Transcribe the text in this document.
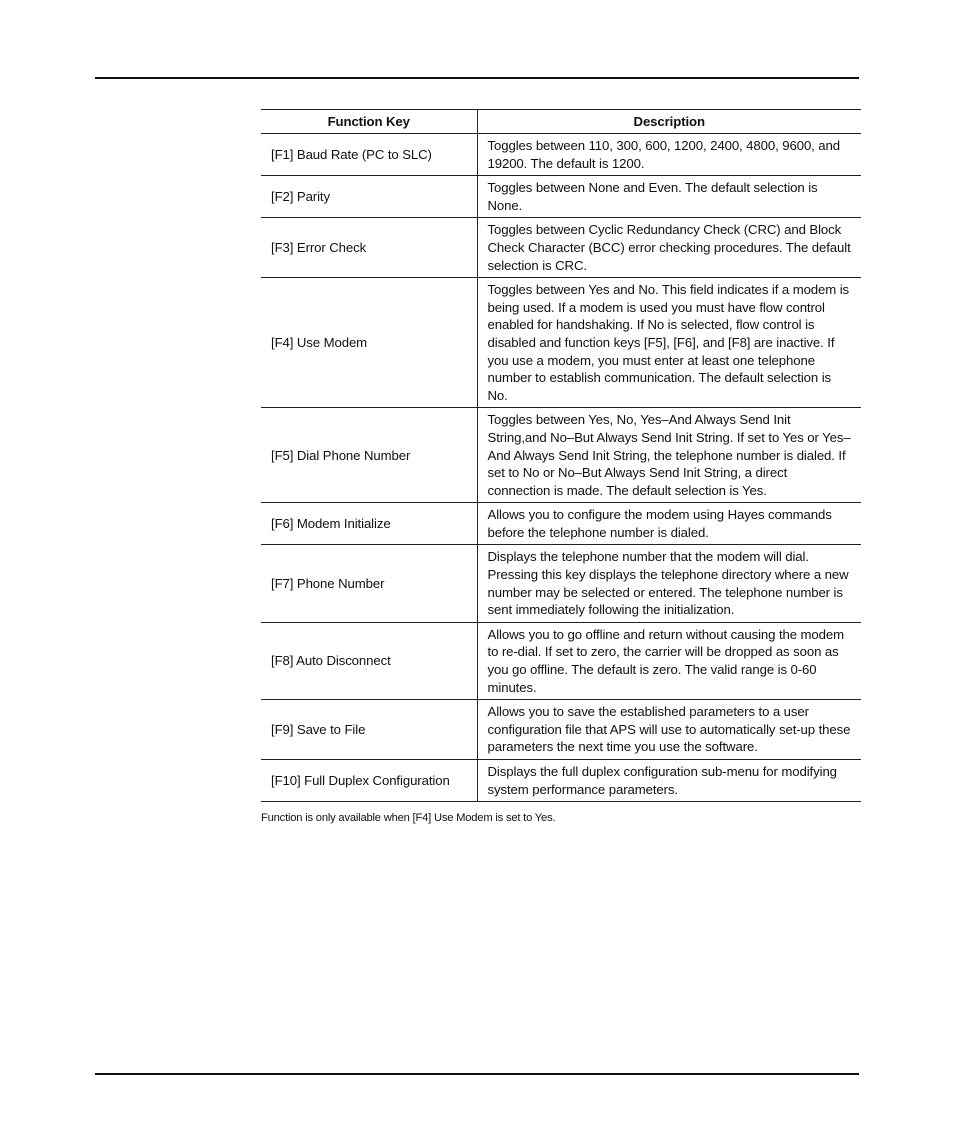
Function Key	Description
[F1] Baud Rate (PC to SLC)	Toggles between 110, 300, 600, 1200, 2400, 4800, 9600, and 19200. The default is 1200.
[F2] Parity	Toggles between None and Even. The default selection is None.
[F3] Error Check	Toggles between Cyclic Redundancy Check (CRC) and Block Check Character (BCC) error checking procedures. The default selection is CRC.
[F4] Use Modem	Toggles between Yes and No. This field indicates if a modem is being used. If a modem is used you must have flow control enabled for handshaking. If No is selected, flow control is disabled and function keys [F5], [F6], and [F8] are inactive. If you use a modem, you must enter at least one telephone number to establish communication. The default selection is No.
[F5] Dial Phone Number	Toggles between Yes, No, Yes–And Always Send Init String,and No–But Always Send Init String. If set to Yes or Yes–And Always Send Init String, the telephone number is dialed. If set to No or No–But Always Send Init String, a direct connection is made. The default selection is Yes.
[F6] Modem Initialize	Allows you to configure the modem using Hayes commands before the telephone number is dialed.
[F7] Phone Number	Displays the telephone number that the modem will dial. Pressing this key displays the telephone directory where a new number may be selected or entered. The telephone number is sent immediately following the initialization.
[F8] Auto Disconnect	Allows you to go offline and return without causing the modem to re-dial. If set to zero, the carrier will be dropped as soon as you go offline. The default is zero. The valid range is 0-60 minutes.
[F9] Save to File	Allows you to save the established parameters to a user configuration file that APS will use to automatically set-up these parameters the next time you use the software.
[F10] Full Duplex Configuration	Displays the full duplex configuration sub-menu for modifying system performance parameters.
Function is only available when [F4] Use Modem is set to Yes.
